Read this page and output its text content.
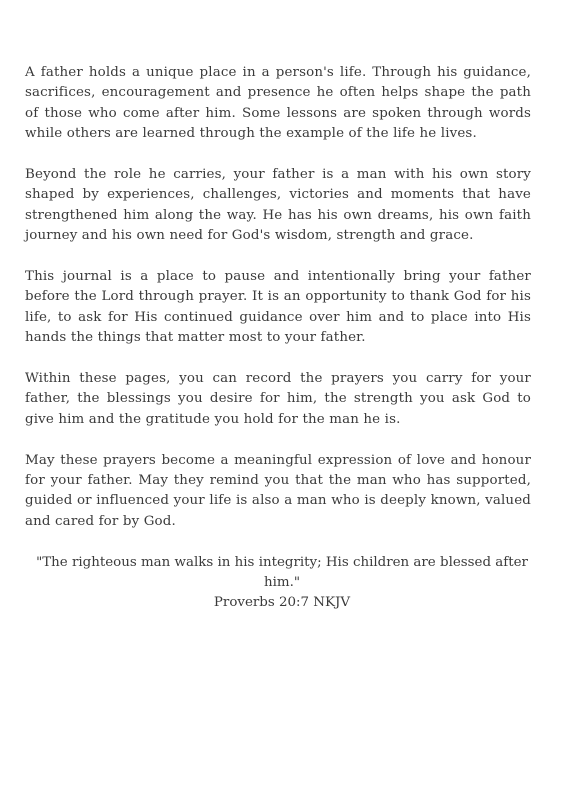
A father holds a unique place in a person's life. Through his guidance, sacrifices, encouragement and presence he often helps shape the path of those who come after him. Some lessons are spoken through words while others are learned through the example of the life he lives.

Beyond the role he carries, your father is a man with his own story shaped by experiences, challenges, victories and moments that have strengthened him along the way. He has his own dreams, his own faith journey and his own need for God's wisdom, strength and grace.

This journal is a place to pause and intentionally bring your father before the Lord through prayer. It is an opportunity to thank God for his life, to ask for His continued guidance over him and to place into His hands the things that matter most to your father.

Within these pages, you can record the prayers you carry for your father, the blessings you desire for him, the strength you ask God to give him and the gratitude you hold for the man he is.

May these prayers become a meaningful expression of love and honour for your father. May they remind you that the man who has supported, guided or influenced your life is also a man who is deeply known, valued and cared for by God.

"The righteous man walks in his integrity; His children are blessed after him."
Proverbs 20:7 NKJV
